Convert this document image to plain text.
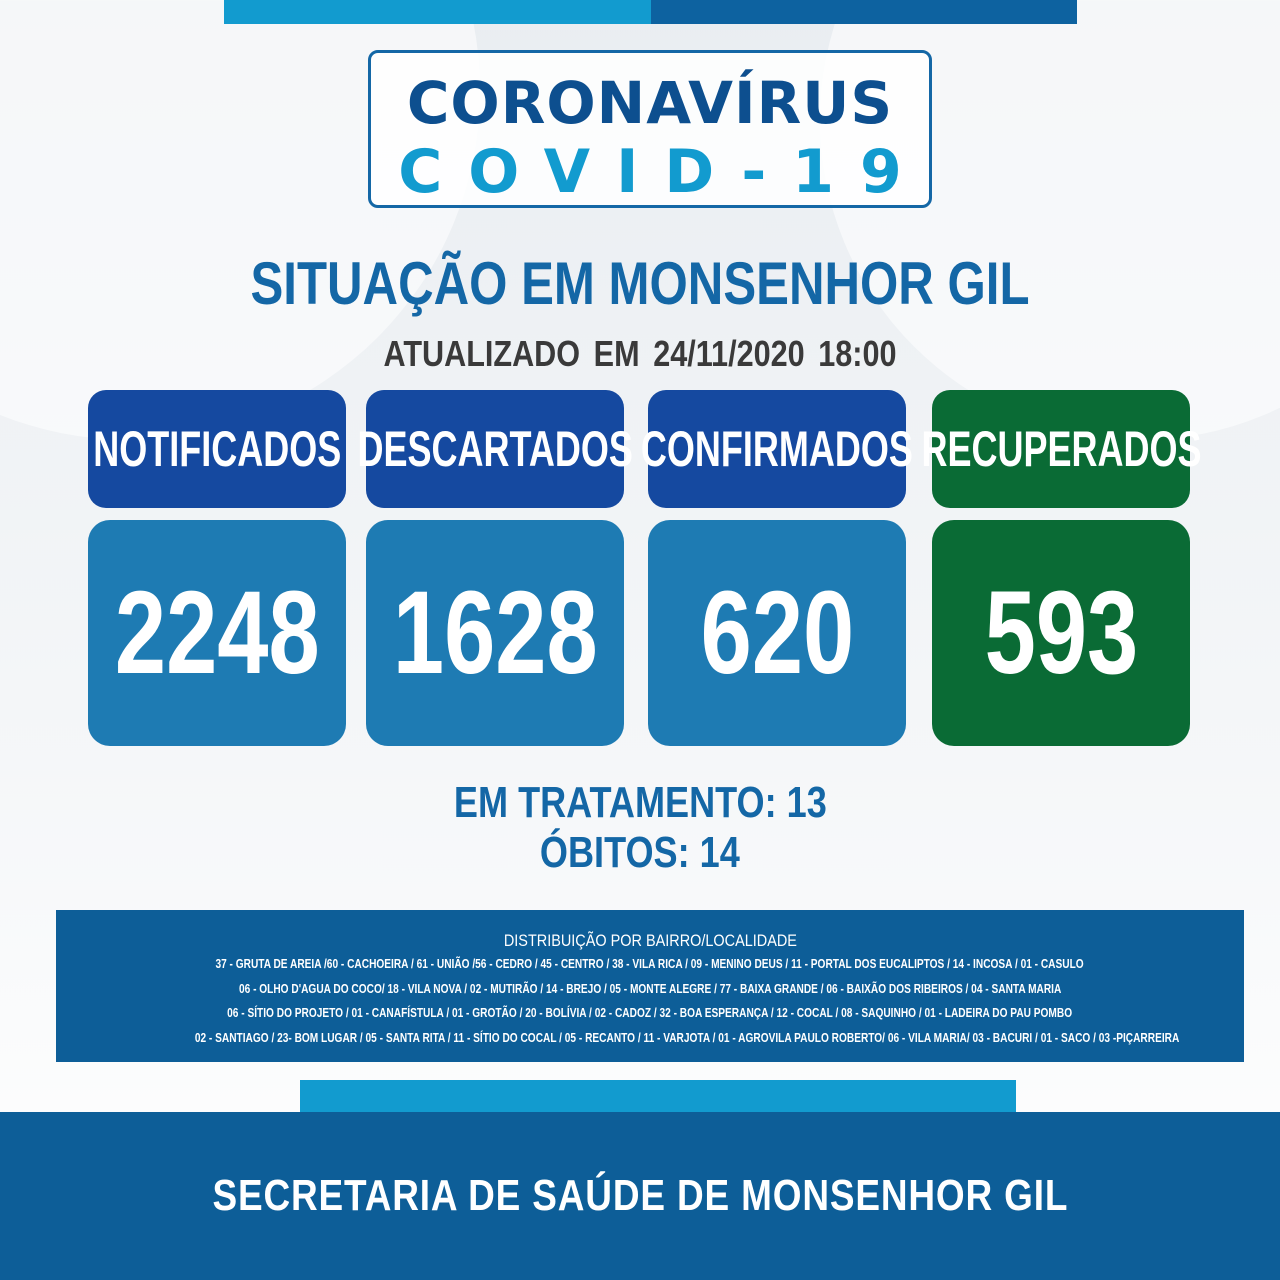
CORONAVÍRUS
COVID-19
SITUAÇÃO EM MONSENHOR GIL
ATUALIZADO EM 24/11/2020 18:00
NOTIFICADOS DESCARTADOS CONFIRMADOS RECUPERADOS
2248 1628 620 593
EM TRATAMENTO: 13
ÓBITOS: 14
DISTRIBUIÇÃO POR BAIRRO/LOCALIDADE
37 - GRUTA DE AREIA /60 - CACHOEIRA / 61 - UNIÃO /56 - CEDRO / 45 - CENTRO / 38 - VILA RICA / 09 - MENINO DEUS / 11 - PORTAL DOS EUCALIPTOS / 14 - INCOSA / 01 - CASULO
06 - OLHO D'AGUA DO COCO/ 18 - VILA NOVA / 02 - MUTIRÃO / 14 - BREJO / 05 - MONTE ALEGRE / 77 - BAIXA GRANDE / 06 - BAIXÃO DOS RIBEIROS / 04 - SANTA MARIA
06 - SÍTIO DO PROJETO / 01 - CANAFÍSTULA / 01 - GROTÃO / 20 - BOLÍVIA / 02 - CADOZ / 32 - BOA ESPERANÇA / 12 - COCAL / 08 - SAQUINHO / 01 - LADEIRA DO PAU POMBO
02 - SANTIAGO / 23- BOM LUGAR / 05 - SANTA RITA / 11 - SÍTIO DO COCAL / 05 - RECANTO / 11 - VARJOTA / 01 - AGROVILA PAULO ROBERTO/ 06 - VILA MARIA/ 03 - BACURI / 01 - SACO / 03 -PIÇARREIRA
SECRETARIA DE SAÚDE DE MONSENHOR GIL
